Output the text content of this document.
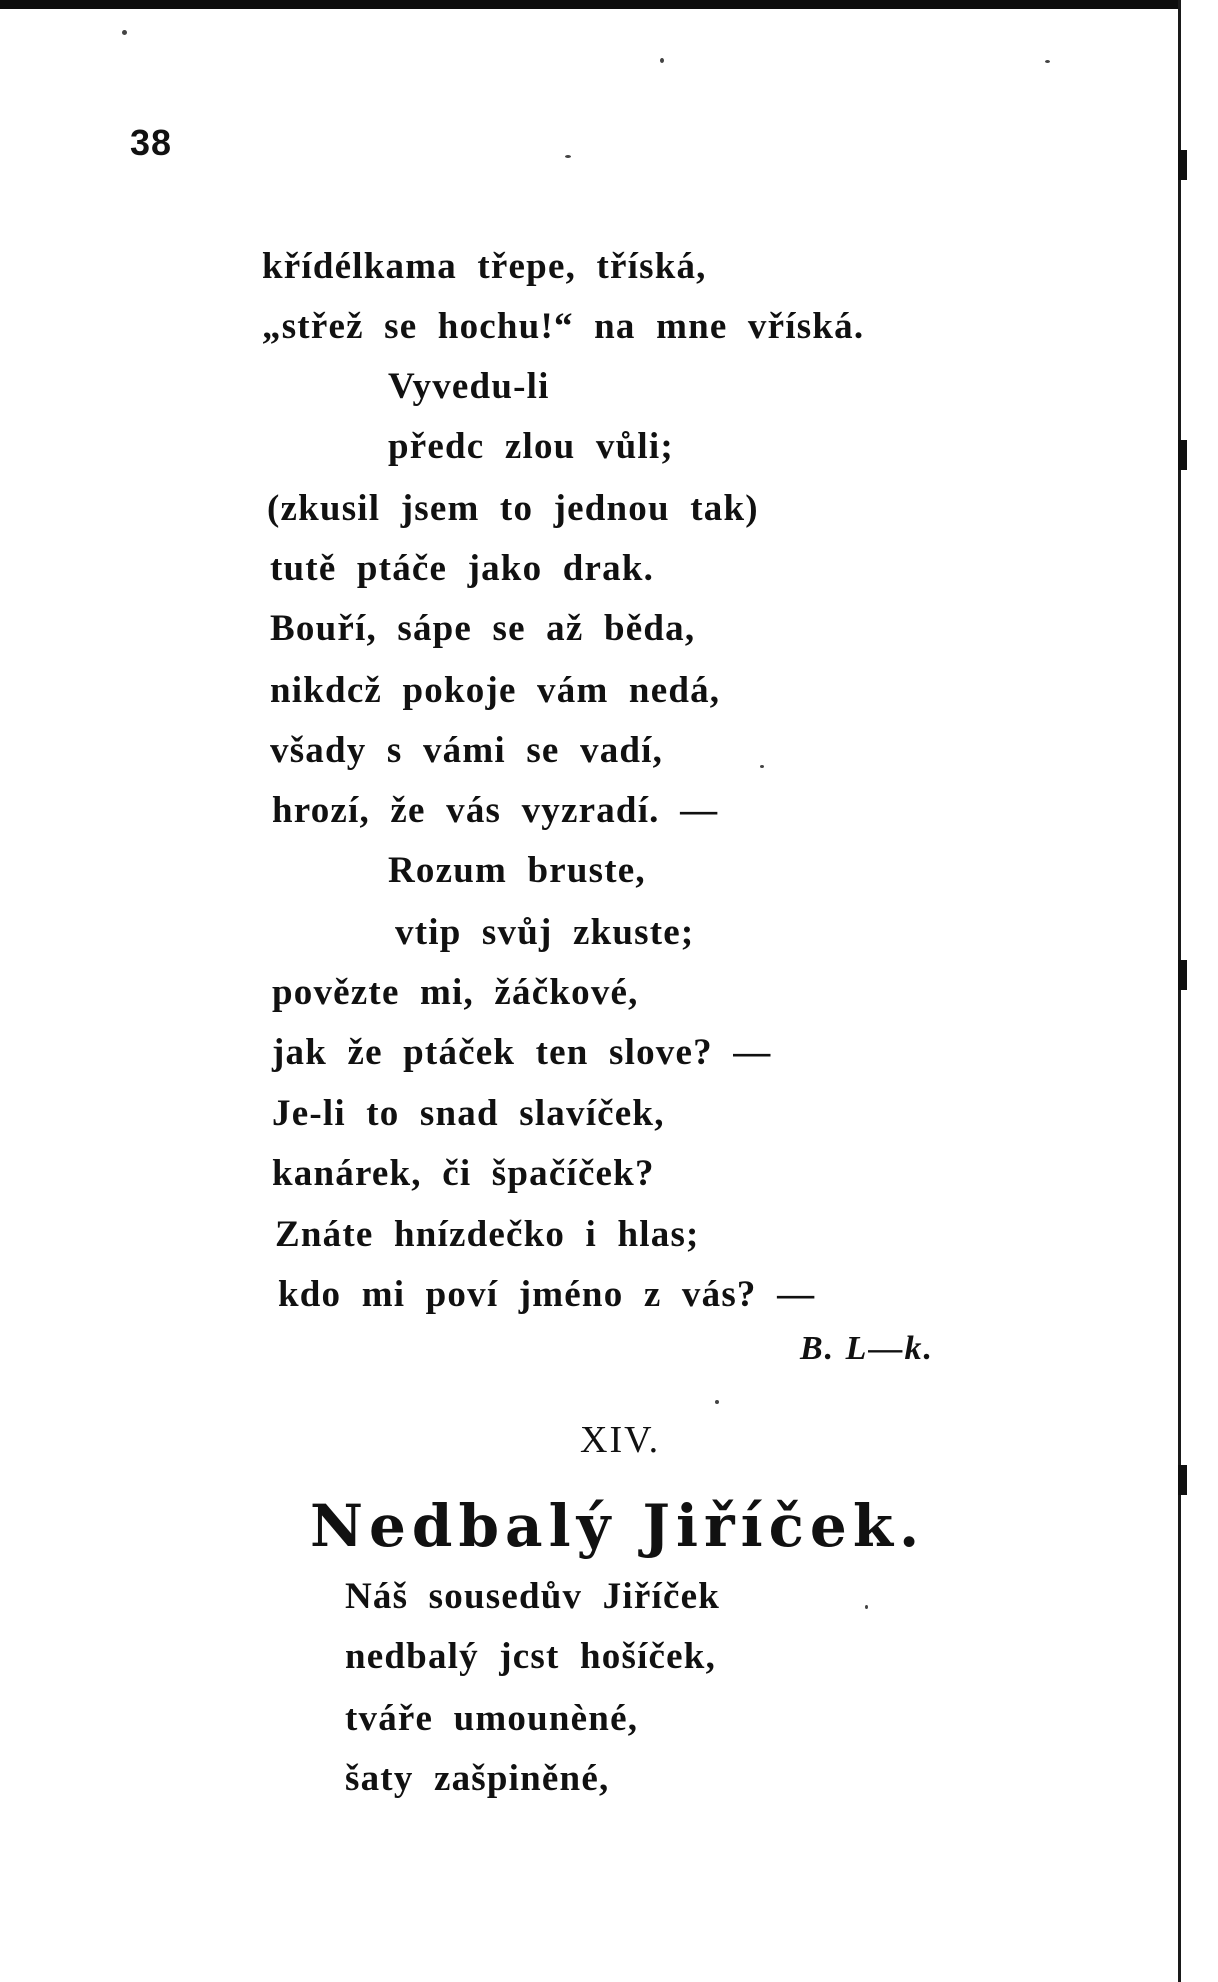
38
křídélkama třepe, tříská,
„střež se hochu!“ na mne vříská.
Vyvedu-li
předc zlou vůli;
(zkusil jsem to jednou tak)
tutě ptáče jako drak.
Bouří, sápe se až běda,
nikdcž pokoje vám nedá,
všady s vámi se vadí,
hrozí, že vás vyzradí. —
Rozum bruste,
vtip svůj zkuste;
povězte mi, žáčkové,
jak že ptáček ten slove? —
Je-li to snad slavíček,
kanárek, či špačíček?
Znáte hnízdečko i hlas;
kdo mi poví jméno z vás? —
B. L—k.
XIV.
Nedbalý Jiříček.
Náš sousedův Jiříček
nedbalý jcst hošíček,
tváře umounèné,
šaty zašpiněné,
